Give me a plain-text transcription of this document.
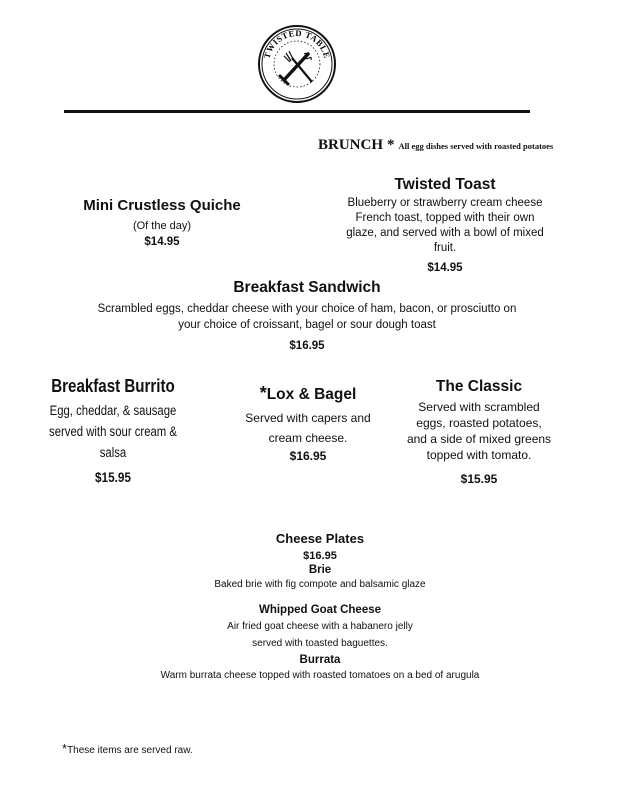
TWISTED TABLE
BRUNCH * All egg dishes served with roasted potatoes
Mini Crustless Quiche
(Of the day)
$14.95
Twisted Toast
Blueberry or strawberry cream cheese
French toast, topped with their own
glaze, and served with a bowl of mixed
fruit.
$14.95
Breakfast Sandwich
Scrambled eggs, cheddar cheese with your choice of ham, bacon, or prosciutto on
your choice of croissant, bagel or sour dough toast
$16.95
Breakfast Burrito
Egg, cheddar, & sausage
served with sour cream &
salsa
$15.95
*Lox & Bagel
Served with capers and
cream cheese.
$16.95
The Classic
Served with scrambled
eggs, roasted potatoes,
and a side of mixed greens
topped with tomato.
$15.95
Cheese Plates
$16.95
Brie
Baked brie with fig compote and balsamic glaze
Whipped Goat Cheese
Air fried goat cheese with a habanero jelly
served with toasted baguettes.
Burrata
Warm burrata cheese topped with roasted tomatoes on a bed of arugula
*These items are served raw.
